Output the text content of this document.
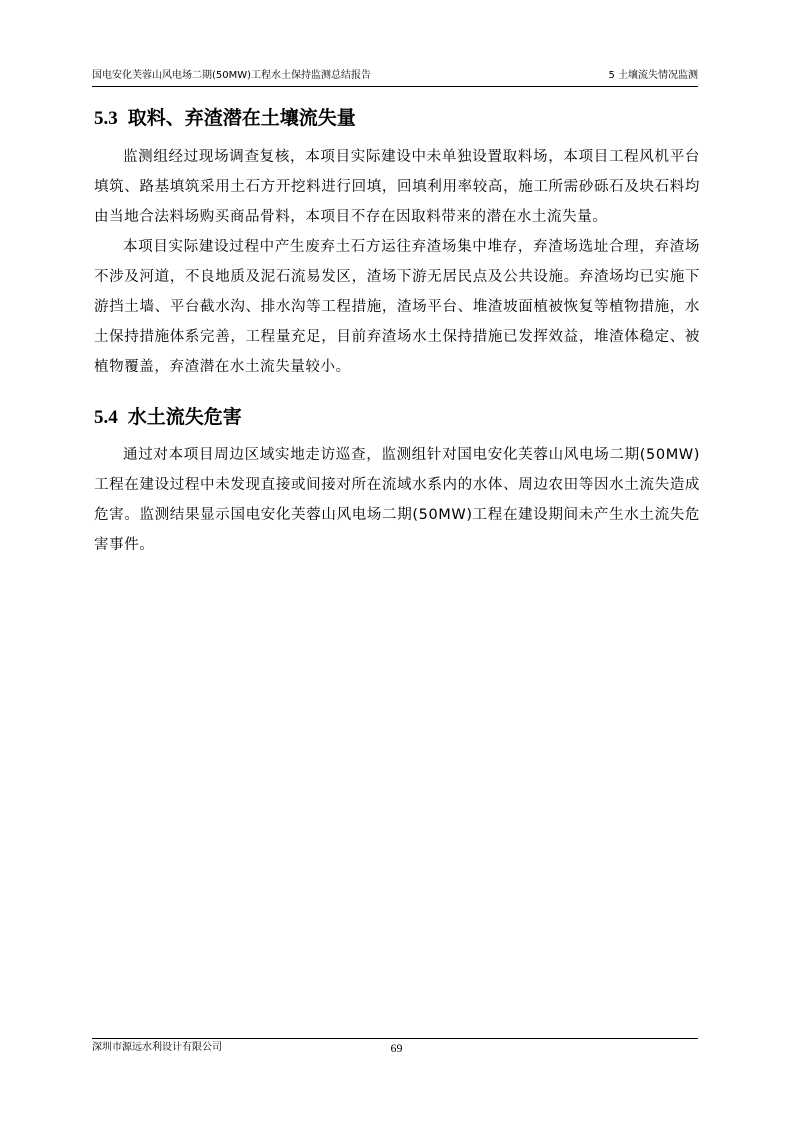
国电安化芙蓉山风电场二期(50MW)工程水土保持监测总结报告	5 土壤流失情况监测
5.3 取料、弃渣潜在土壤流失量

监测组经过现场调查复核，本项目实际建设中未单独设置取料场，本项目工程风机平台填筑、路基填筑采用土石方开挖料进行回填，回填利用率较高，施工所需砂砾石及块石料均由当地合法料场购买商品骨料，本项目不存在因取料带来的潜在水土流失量。

本项目实际建设过程中产生废弃土石方运往弃渣场集中堆存，弃渣场选址合理，弃渣场不涉及河道，不良地质及泥石流易发区，渣场下游无居民点及公共设施。弃渣场均已实施下游挡土墙、平台截水沟、排水沟等工程措施，渣场平台、堆渣坡面植被恢复等植物措施，水土保持措施体系完善，工程量充足，目前弃渣场水土保持措施已发挥效益，堆渣体稳定、被植物覆盖，弃渣潜在水土流失量较小。

5.4 水土流失危害

通过对本项目周边区域实地走访巡查，监测组针对国电安化芙蓉山风电场二期(50MW)工程在建设过程中未发现直接或间接对所在流域水系内的水体、周边农田等因水土流失造成危害。监测结果显示国电安化芙蓉山风电场二期(50MW)工程在建设期间未产生水土流失危害事件。

深圳市源远水利设计有限公司	69
